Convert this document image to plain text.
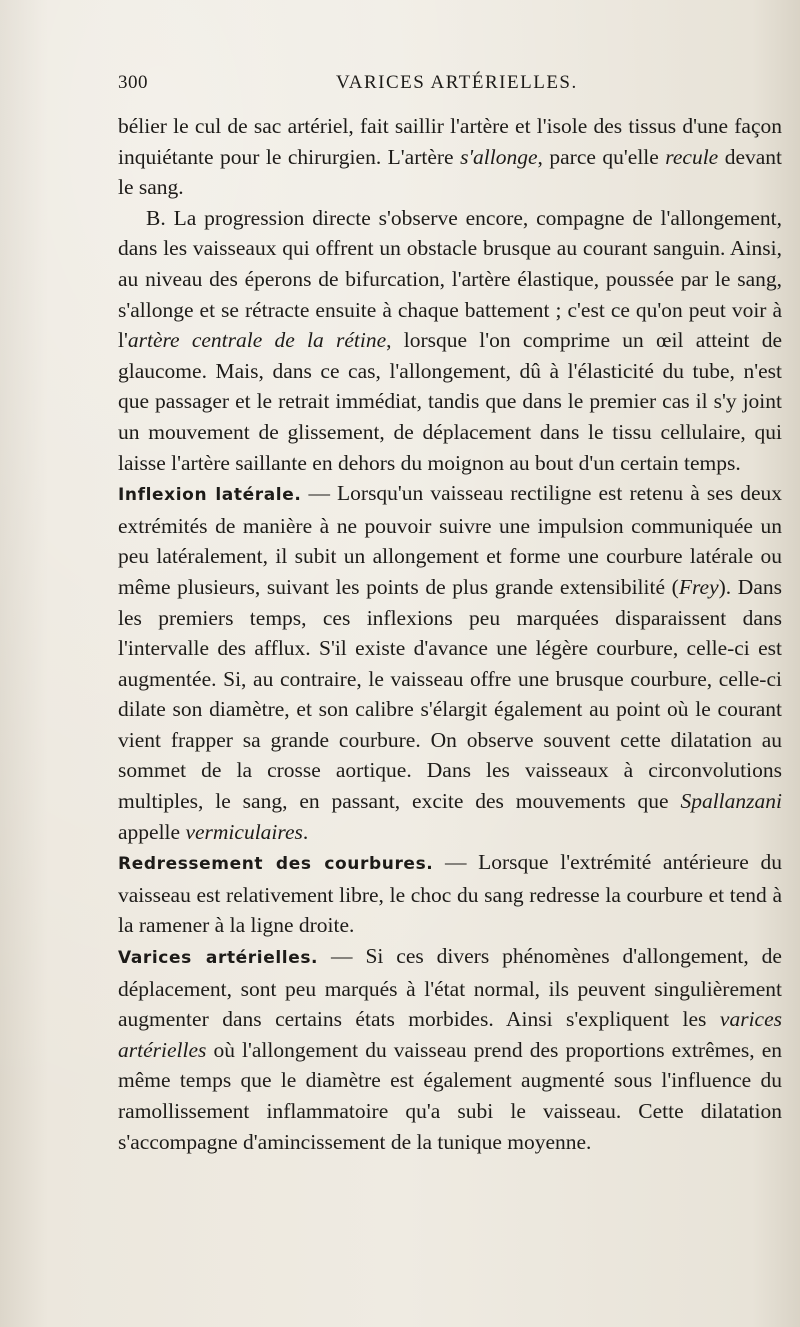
300	VARICES ARTÉRIELLES.

bélier le cul de sac artériel, fait saillir l'artère et l'isole des tissus d'une façon inquiétante pour le chirurgien. L'artère s'allonge, parce qu'elle recule devant le sang.

B. La progression directe s'observe encore, compagne de l'allongement, dans les vaisseaux qui offrent un obstacle brusque au courant sanguin. Ainsi, au niveau des éperons de bifurcation, l'artère élastique, poussée par le sang, s'allonge et se rétracte ensuite à chaque battement ; c'est ce qu'on peut voir à l'artère centrale de la rétine, lorsque l'on comprime un œil atteint de glaucome. Mais, dans ce cas, l'allongement, dû à l'élasticité du tube, n'est que passager et le retrait immédiat, tandis que dans le premier cas il s'y joint un mouvement de glissement, de déplacement dans le tissu cellulaire, qui laisse l'artère saillante en dehors du moignon au bout d'un certain temps.

Inflexion latérale. — Lorsqu'un vaisseau rectiligne est retenu à ses deux extrémités de manière à ne pouvoir suivre une impulsion communiquée un peu latéralement, il subit un allongement et forme une courbure latérale ou même plusieurs, suivant les points de plus grande extensibilité (Frey). Dans les premiers temps, ces inflexions peu marquées disparaissent dans l'intervalle des afflux. S'il existe d'avance une légère courbure, celle-ci est augmentée. Si, au contraire, le vaisseau offre une brusque courbure, celle-ci dilate son diamètre, et son calibre s'élargit également au point où le courant vient frapper sa grande courbure. On observe souvent cette dilatation au sommet de la crosse aortique. Dans les vaisseaux à circonvolutions multiples, le sang, en passant, excite des mouvements que Spallanzani appelle vermiculaires.

Redressement des courbures. — Lorsque l'extrémité antérieure du vaisseau est relativement libre, le choc du sang redresse la courbure et tend à la ramener à la ligne droite.

Varices artérielles. — Si ces divers phénomènes d'allongement, de déplacement, sont peu marqués à l'état normal, ils peuvent singulièrement augmenter dans certains états morbides. Ainsi s'expliquent les varices artérielles où l'allongement du vaisseau prend des proportions extrêmes, en même temps que le diamètre est également augmenté sous l'influence du ramollissement inflammatoire qu'a subi le vaisseau. Cette dilatation s'accompagne d'amincissement de la tunique moyenne.
